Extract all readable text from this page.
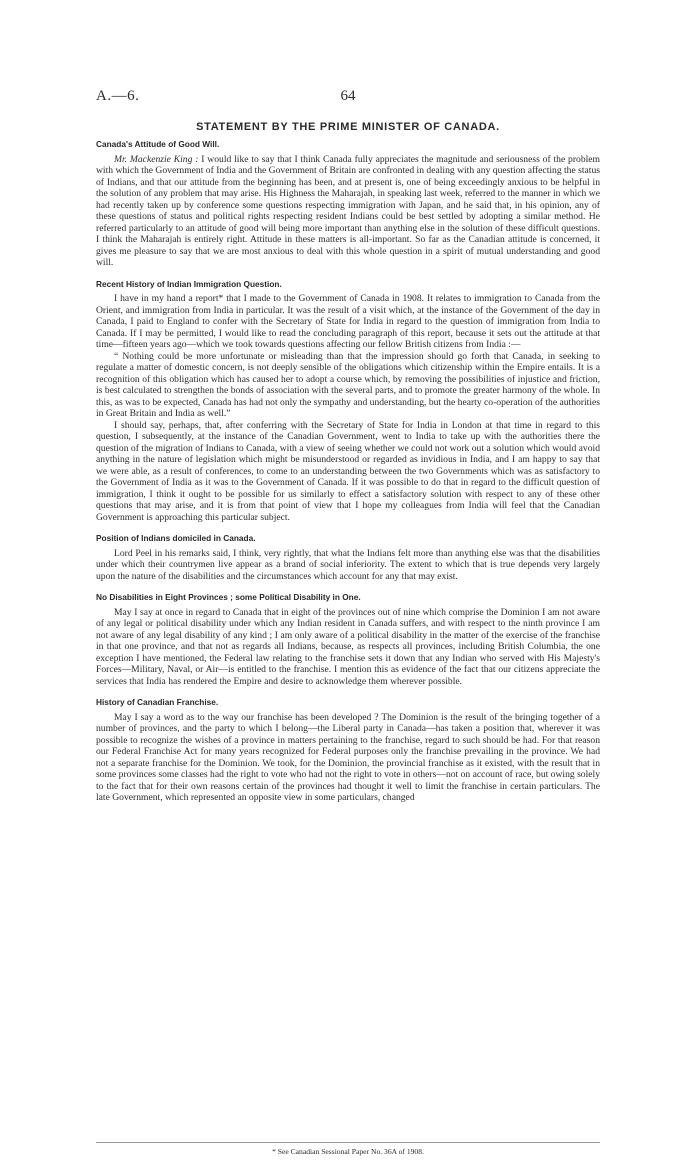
A.—6.	64
STATEMENT BY THE PRIME MINISTER OF CANADA.
Canada's Attitude of Good Will.

Mr. Mackenzie King : I would like to say that I think Canada fully appreciates the magnitude and seriousness of the problem with which the Government of India and the Government of Britain are confronted in dealing with any question affecting the status of Indians, and that our attitude from the beginning has been, and at present is, one of being exceedingly anxious to be helpful in the solution of any problem that may arise. His Highness the Maharajah, in speaking last week, referred to the manner in which we had recently taken up by conference some questions respecting immigration with Japan, and he said that, in his opinion, any of these questions of status and political rights respecting resident Indians could be best settled by adopting a similar method. He referred particularly to an attitude of good will being more important than anything else in the solution of these difficult questions. I think the Maharajah is entirely right. Attitude in these matters is all-important. So far as the Canadian attitude is concerned, it gives me pleasure to say that we are most anxious to deal with this whole question in a spirit of mutual understanding and good will.

Recent History of Indian Immigration Question.

I have in my hand a report* that I made to the Government of Canada in 1908. It relates to immigration to Canada from the Orient, and immigration from India in particular. It was the result of a visit which, at the instance of the Government of the day in Canada, I paid to England to confer with the Secretary of State for India in regard to the question of immigration from India to Canada. If I may be permitted, I would like to read the concluding paragraph of this report, because it sets out the attitude at that time—fifteen years ago—which we took towards questions affecting our fellow British citizens from India :—

“ Nothing could be more unfortunate or misleading than that the impression should go forth that Canada, in seeking to regulate a matter of domestic concern, is not deeply sensible of the obligations which citizenship within the Empire entails. It is a recognition of this obligation which has caused her to adopt a course which, by removing the possibilities of injustice and friction, is best calculated to strengthen the bonds of association with the several parts, and to promote the greater harmony of the whole. In this, as was to be expected, Canada has had not only the sympathy and understanding, but the hearty co-operation of the authorities in Great Britain and India as well.”

I should say, perhaps, that, after conferring with the Secretary of State for India in London at that time in regard to this question, I subsequently, at the instance of the Canadian Government, went to India to take up with the authorities there the question of the migration of Indians to Canada, with a view of seeing whether we could not work out a solution which would avoid anything in the nature of legislation which might be misunderstood or regarded as invidious in India, and I am happy to say that we were able, as a result of conferences, to come to an understanding between the two Governments which was as satisfactory to the Government of India as it was to the Government of Canada. If it was possible to do that in regard to the difficult question of immigration, I think it ought to be possible for us similarly to effect a satisfactory solution with respect to any of these other questions that may arise, and it is from that point of view that I hope my colleagues from India will feel that the Canadian Government is approaching this particular subject.

Position of Indians domiciled in Canada.

Lord Peel in his remarks said, I think, very rightly, that what the Indians felt more than anything else was that the disabilities under which their countrymen live appear as a brand of social inferiority. The extent to which that is true depends very largely upon the nature of the disabilities and the circumstances which account for any that may exist.

No Disabilities in Eight Provinces ; some Political Disability in One.

May I say at once in regard to Canada that in eight of the provinces out of nine which comprise the Dominion I am not aware of any legal or political disability under which any Indian resident in Canada suffers, and with respect to the ninth province I am not aware of any legal disability of any kind ; I am only aware of a political disability in the matter of the exercise of the franchise in that one province, and that not as regards all Indians, because, as respects all provinces, including British Columbia, the one exception I have mentioned, the Federal law relating to the franchise sets it down that any Indian who served with His Majesty's Forces—Military, Naval, or Air—is entitled to the franchise. I mention this as evidence of the fact that our citizens appreciate the services that India has rendered the Empire and desire to acknowledge them wherever possible.

History of Canadian Franchise.

May I say a word as to the way our franchise has been developed ? The Dominion is the result of the bringing together of a number of provinces, and the party to which I belong—the Liberal party in Canada—has taken a position that, wherever it was possible to recognize the wishes of a province in matters pertaining to the franchise, regard to such should be had. For that reason our Federal Franchise Act for many years recognized for Federal purposes only the franchise prevailing in the province. We had not a separate franchise for the Dominion. We took, for the Dominion, the provincial franchise as it existed, with the result that in some provinces some classes had the right to vote who had not the right to vote in others—not on account of race, but owing solely to the fact that for their own reasons certain of the provinces had thought it well to limit the franchise in certain particulars. The late Government, which represented an opposite view in some particulars, changed

* See Canadian Sessional Paper No. 36A of 1908.
